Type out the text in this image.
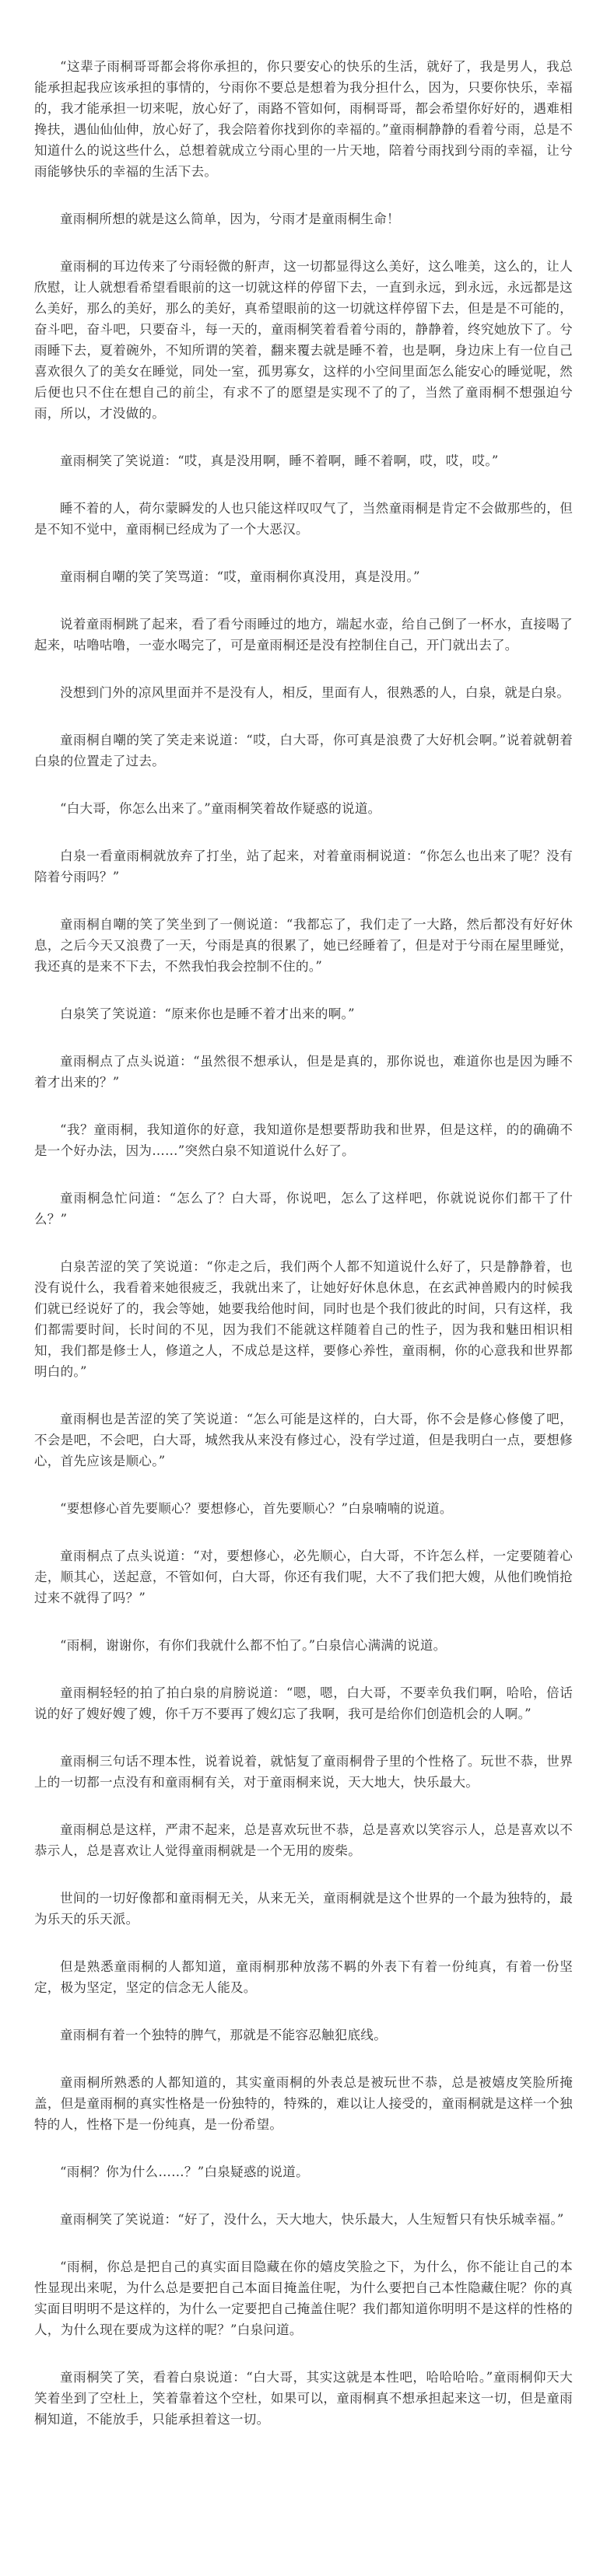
“这辈子雨桐哥哥都会将你承担的，你只要安心的快乐的生活，就好了，我是男人，我总能承担起我应该承担的事情的，兮雨你不要总是想着为我分担什么，因为，只要你快乐，幸福的，我才能承担一切来呢，放心好了，雨路不管如何，雨桐哥哥，都会希望你好好的，遇难相搀扶，遇仙仙仙伸，放心好了，我会陪着你找到你的幸福的。”童雨桐静静的看着兮雨，总是不知道什么的说这些什么，总想着就成立兮雨心里的一片天地，陪着兮雨找到兮雨的幸福，让兮雨能够快乐的幸福的生活下去。

童雨桐所想的就是这么简单，因为，兮雨才是童雨桐生命！

童雨桐的耳边传来了兮雨轻微的鼾声，这一切都显得这么美好，这么唯美，这么的，让人欣慰，让人就想看希望看眼前的这一切就这样的停留下去，一直到永远，到永远，永远都是这么美好，那么的美好，那么的美好，真希望眼前的这一切就这样停留下去，但是是不可能的，奋斗吧，奋斗吧，只要奋斗，每一天的，童雨桐笑着看着兮雨的，静静着，终究她放下了。兮雨睡下去，夏着碗外，不知所谓的笑着，翻来覆去就是睡不着，也是啊，身边床上有一位自己喜欢很久了的美女在睡觉，同处一室，孤男寡女，这样的小空间里面怎么能安心的睡觉呢，然后便也只不住在想自己的前尘，有求不了的愿望是实现不了的了，当然了童雨桐不想强迫兮雨，所以，才没做的。

童雨桐笑了笑说道：“哎，真是没用啊，睡不着啊，睡不着啊，哎，哎，哎。”

睡不着的人，荷尔蒙瞬发的人也只能这样叹叹气了，当然童雨桐是肯定不会做那些的，但是不知不觉中，童雨桐已经成为了一个大恶汉。

童雨桐自嘲的笑了笑骂道：“哎，童雨桐你真没用，真是没用。”

说着童雨桐跳了起来，看了看兮雨睡过的地方，端起水壶，给自己倒了一杯水，直接喝了起来，咕噜咕噜，一壶水喝完了，可是童雨桐还是没有控制住自己，开门就出去了。

没想到门外的凉风里面并不是没有人，相反，里面有人，很熟悉的人，白泉，就是白泉。

童雨桐自嘲的笑了笑走来说道：“哎，白大哥，你可真是浪费了大好机会啊。”说着就朝着白泉的位置走了过去。

“白大哥，你怎么出来了。”童雨桐笑着故作疑惑的说道。

白泉一看童雨桐就放弃了打坐，站了起来，对着童雨桐说道：“你怎么也出来了呢？没有陪着兮雨吗？”

童雨桐自嘲的笑了笑坐到了一侧说道：“我都忘了，我们走了一大路，然后都没有好好休息，之后今天又浪费了一天，兮雨是真的很累了，她已经睡着了，但是对于兮雨在屋里睡觉，我还真的是来不下去，不然我怕我会控制不住的。”

白泉笑了笑说道：“原来你也是睡不着才出来的啊。”

童雨桐点了点头说道：“虽然很不想承认，但是是真的，那你说也，难道你也是因为睡不着才出来的？”

“我？童雨桐，我知道你的好意，我知道你是想要帮助我和世界，但是这样，的的确确不是一个好办法，因为……”突然白泉不知道说什么好了。

童雨桐急忙问道：“怎么了？白大哥，你说吧，怎么了这样吧，你就说说你们都干了什么？”

白泉苦涩的笑了笑说道：“你走之后，我们两个人都不知道说什么好了，只是静静着，也没有说什么，我看着来她很疲乏，我就出来了，让她好好休息休息，在玄武神兽殿内的时候我们就已经说好了的，我会等她，她要我给他时间，同时也是个我们彼此的时间，只有这样，我们都需要时间，长时间的不见，因为我们不能就这样随着自己的性子，因为我和魅田相识相知，我们都是修士人，修道之人，不成总是这样，要修心养性，童雨桐，你的心意我和世界都明白的。”

童雨桐也是苦涩的笑了笑说道：“怎么可能是这样的，白大哥，你不会是修心修傻了吧，不会是吧，不会吧，白大哥，城然我从来没有修过心，没有学过道，但是我明白一点，要想修心，首先应该是顺心。”

“要想修心首先要顺心？要想修心，首先要顺心？”白泉喃喃的说道。

童雨桐点了点头说道：“对，要想修心，必先顺心，白大哥，不许怎么样，一定要随着心走，顺其心，送起意，不管如何，白大哥，你还有我们呢，大不了我们把大嫂，从他们晚悄抢过来不就得了吗？”

“雨桐，谢谢你，有你们我就什么都不怕了。”白泉信心满满的说道。

童雨桐轻轻的拍了拍白泉的肩膀说道：“嗯，嗯，白大哥，不要幸负我们啊，哈哈，倍话说的好了嫂好嫂了嫂，你千万不要再了嫂幻忘了我啊，我可是给你们创造机会的人啊。”

童雨桐三句话不理本性，说着说着，就惦复了童雨桐骨子里的个性格了。玩世不恭，世界上的一切都一点没有和童雨桐有关，对于童雨桐来说，天大地大，快乐最大。

童雨桐总是这样，严肃不起来，总是喜欢玩世不恭，总是喜欢以笑容示人，总是喜欢以不恭示人，总是喜欢让人觉得童雨桐就是一个无用的废柴。

世间的一切好像都和童雨桐无关，从来无关，童雨桐就是这个世界的一个最为独特的，最为乐天的乐天派。

但是熟悉童雨桐的人都知道，童雨桐那种放荡不羁的外表下有着一份纯真，有着一份坚定，极为坚定，坚定的信念无人能及。

童雨桐有着一个独特的脾气，那就是不能容忍触犯底线。

童雨桐所熟悉的人都知道的，其实童雨桐的外表总是被玩世不恭，总是被嬉皮笑脸所掩盖，但是童雨桐的真实性格是一份独特的，特殊的，难以让人接受的，童雨桐就是这样一个独特的人，性格下是一份纯真，是一份希望。

“雨桐？你为什么……？”白泉疑惑的说道。

童雨桐笑了笑说道：“好了，没什么，天大地大，快乐最大，人生短暂只有快乐城幸福。”

“雨桐，你总是把自己的真实面目隐藏在你的嬉皮笑脸之下，为什么，你不能让自己的本性显现出来呢，为什么总是要把自己本面目掩盖住呢，为什么要把自己本性隐藏住呢？你的真实面目明明不是这样的，为什么一定要把自己掩盖住呢？我们都知道你明明不是这样的性格的人，为什么现在要成为这样的呢？”白泉问道。

童雨桐笑了笑，看着白泉说道：“白大哥，其实这就是本性吧，哈哈哈哈。”童雨桐仰天大笑着坐到了空杜上，笑着靠着这个空杜，如果可以，童雨桐真不想承担起来这一切，但是童雨桐知道，不能放手，只能承担着这一切。
